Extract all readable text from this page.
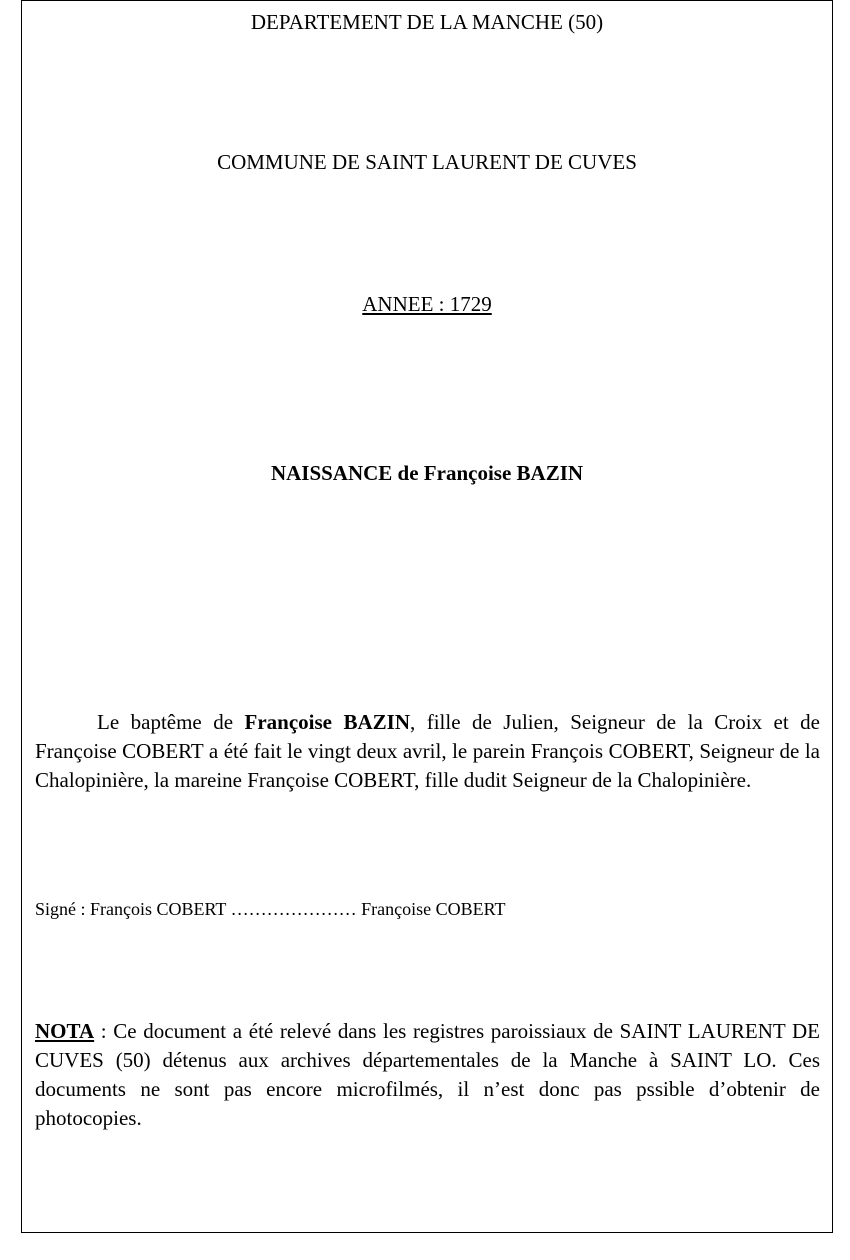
DEPARTEMENT DE LA MANCHE (50)
COMMUNE DE SAINT LAURENT DE CUVES
ANNEE : 1729
NAISSANCE de Françoise BAZIN
Le baptême de Françoise BAZIN, fille de Julien, Seigneur de la Croix et de Françoise COBERT a été fait le vingt deux avril, le parein François COBERT, Seigneur de la Chalopinière, la mareine Françoise COBERT, fille dudit Seigneur de la Chalopinière.
Signé : François COBERT ………………… Françoise COBERT
NOTA : Ce document a été relevé dans les registres paroissiaux de SAINT LAURENT DE CUVES (50) détenus aux archives départementales de la Manche à SAINT LO. Ces documents ne sont pas encore microfilmés, il n’est donc pas pssible d’obtenir de photocopies.
